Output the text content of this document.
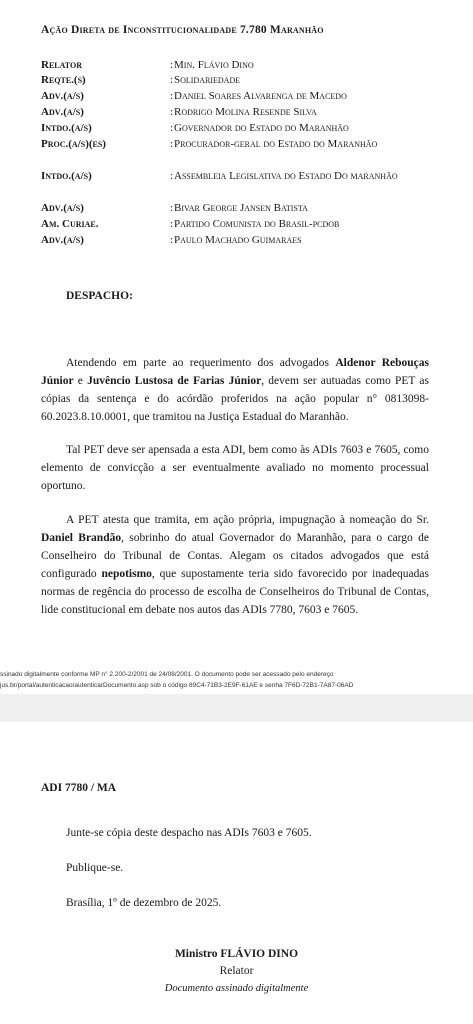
Ação Direta de Inconstitucionalidade 7.780 Maranhão
Relator	: Min. Flávio Dino
Reqte.(s)	: Solidariedade
Adv.(a/s)	: Daniel Soares Alvarenga de Macedo
Adv.(a/s)	: Rodrigo Molina Resende Silva
Intdo.(a/s)	: Governador do Estado do Maranhão
Proc.(a/s)(es)	: Procurador-geral do Estado do Maranhão
Intdo.(a/s)	: Assembleia Legislativa do Estado Do maranhão
Adv.(a/s)	: Bivar George Jansen Batista
Am. Curiae.	: Partido Comunista do Brasil-pcdob
Adv.(a/s)	: Paulo Machado Guimaraes
DESPACHO:
Atendendo em parte ao requerimento dos advogados Aldenor Rebouças Júnior e Juvêncio Lustosa de Farias Júnior, devem ser autuadas como PET as cópias da sentença e do acórdão proferidos na ação popular n° 0813098-60.2023.8.10.0001, que tramitou na Justiça Estadual do Maranhão.
Tal PET deve ser apensada a esta ADI, bem como às ADIs 7603 e 7605, como elemento de convicção a ser eventualmente avaliado no momento processual oportuno.
A PET atesta que tramita, em ação própria, impugnação à nomeação do Sr. Daniel Brandão, sobrinho do atual Governador do Maranhão, para o cargo de Conselheiro do Tribunal de Contas. Alegam os citados advogados que está configurado nepotismo, que supostamente teria sido favorecido por inadequadas normas de regência do processo de escolha de Conselheiros do Tribunal de Contas, lide constitucional em debate nos autos das ADIs 7780, 7603 e 7605.
ssinado digitalmente conforme MP n° 2.200-2/2001 de 24/08/2001. O documento pode ser acessado pelo endereço
jus.br/portal/autenticacao/autenticarDocumento.asp sob o código 89C4-71B3-2E9F-61AE e senha 7F6D-72B1-7A87-06AD
ADI 7780 / MA
Junte-se cópia deste despacho nas ADIs 7603 e 7605.
Publique-se.
Brasília, 1º de dezembro de 2025.
Ministro FLÁVIO DINO
Relator
Documento assinado digitalmente
